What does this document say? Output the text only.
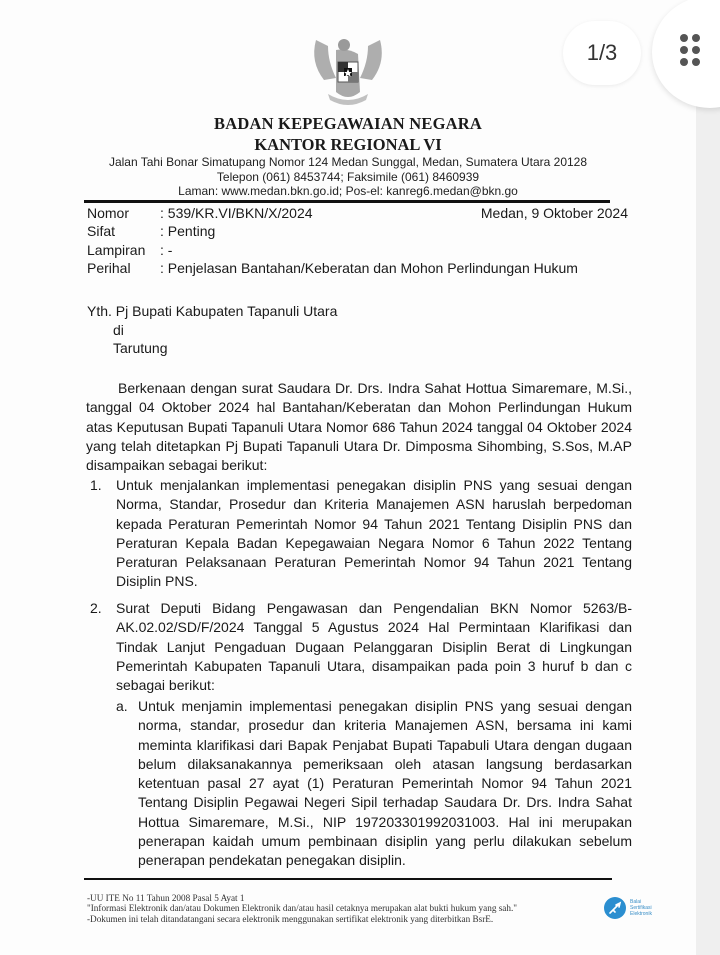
BADAN KEPEGAWAIAN NEGARA
KANTOR REGIONAL VI
Jalan Tahi Bonar Simatupang Nomor 124 Medan Sunggal, Medan, Sumatera Utara 20128
Telepon (061) 8453744; Faksimile (061) 8460939
Laman: www.medan.bkn.go.id; Pos-el: kanreg6.medan@bkn.go
Nomor	: 539/KR.VI/BKN/X/2024
Sifat	: Penting
Lampiran	: -
Perihal	: Penjelasan Bantahan/Keberatan dan Mohon Perlindungan Hukum
Medan, 9 Oktober 2024
Yth. Pj Bupati Kabupaten Tapanuli Utara
di
Tarutung
Berkenaan dengan surat Saudara Dr. Drs. Indra Sahat Hottua Simaremare, M.Si., tanggal 04 Oktober 2024 hal Bantahan/Keberatan dan Mohon Perlindungan Hukum atas Keputusan Bupati Tapanuli Utara Nomor 686 Tahun 2024 tanggal 04 Oktober 2024 yang telah ditetapkan Pj Bupati Tapanuli Utara Dr. Dimposma Sihombing, S.Sos, M.AP disampaikan sebagai berikut:
1. Untuk menjalankan implementasi penegakan disiplin PNS yang sesuai dengan Norma, Standar, Prosedur dan Kriteria Manajemen ASN haruslah berpedoman kepada Peraturan Pemerintah Nomor 94 Tahun 2021 Tentang Disiplin PNS dan Peraturan Kepala Badan Kepegawaian Negara Nomor 6 Tahun 2022 Tentang Peraturan Pelaksanaan Peraturan Pemerintah Nomor 94 Tahun 2021 Tentang Disiplin PNS.
2. Surat Deputi Bidang Pengawasan dan Pengendalian BKN Nomor 5263/B-AK.02.02/SD/F/2024 Tanggal 5 Agustus 2024 Hal Permintaan Klarifikasi dan Tindak Lanjut Pengaduan Dugaan Pelanggaran Disiplin Berat di Lingkungan Pemerintah Kabupaten Tapanuli Utara, disampaikan pada poin 3 huruf b dan c sebagai berikut:
a. Untuk menjamin implementasi penegakan disiplin PNS yang sesuai dengan norma, standar, prosedur dan kriteria Manajemen ASN, bersama ini kami meminta klarifikasi dari Bapak Penjabat Bupati Tapabuli Utara dengan dugaan belum dilaksanakannya pemeriksaan oleh atasan langsung berdasarkan ketentuan pasal 27 ayat (1) Peraturan Pemerintah Nomor 94 Tahun 2021 Tentang Disiplin Pegawai Negeri Sipil terhadap Saudara Dr. Drs. Indra Sahat Hottua Simaremare, M.Si., NIP 197203301992031003. Hal ini merupakan penerapan kaidah umum pembinaan disiplin yang perlu dilakukan sebelum penerapan pendekatan penegakan disiplin.
-UU ITE No 11 Tahun 2008 Pasal 5 Ayat 1
"Informasi Elektronik dan/atau Dokumen Elektronik dan/atau hasil cetaknya merupakan alat bukti hukum yang sah."
-Dokumen ini telah ditandatangani secara elektronik menggunakan sertifikat elektronik yang diterbitkan BsrE.
Balai
Sertifikasi
Elektronik
1/3
